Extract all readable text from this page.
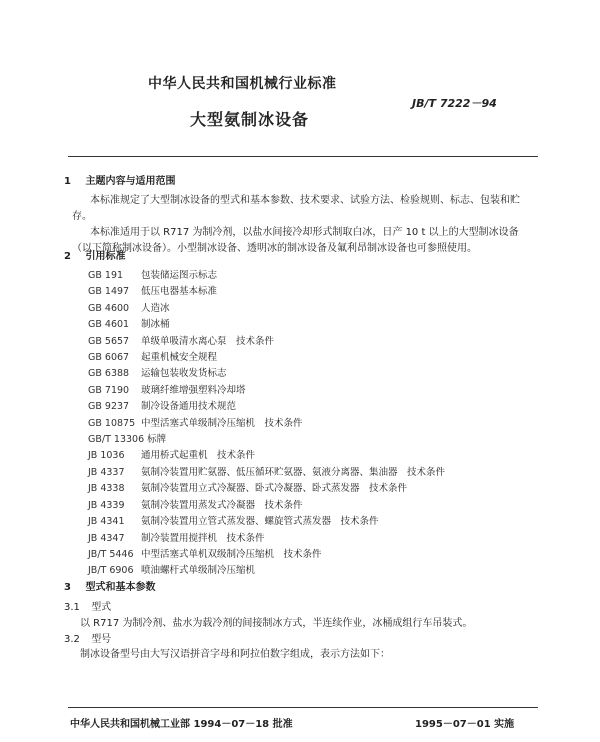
中华人民共和国机械行业标准
JB/T 7222－94
大型氨制冰设备
1 主题内容与适用范围

本标准规定了大型制冰设备的型式和基本参数、技术要求、试验方法、检验规则、标志、包装和贮存。

本标准适用于以 R717 为制冷剂，以盐水间接冷却形式制取白冰，日产 10 t 以上的大型制冰设备（以下简称制冰设备）。小型制冰设备、透明冰的制冰设备及氟利昂制冰设备也可参照使用。

2 引用标准
GB 191 包装储运图示标志
GB 1497 低压电器基本标准
GB 4600 人造冰
GB 4601 制冰桶
GB 5657 单级单吸清水离心泵　技术条件
GB 6067 起重机械安全规程
GB 6388 运输包装收发货标志
GB 7190 玻璃纤维增强塑料冷却塔
GB 9237 制冷设备通用技术规范
GB 10875 中型活塞式单级制冷压缩机　技术条件
GB/T 13306 标牌
JB 1036 通用桥式起重机　技术条件
JB 4337 氨制冷装置用贮氨器、低压循环贮氨器、氨液分离器、集油器　技术条件
JB 4338 氨制冷装置用立式冷凝器、卧式冷凝器、卧式蒸发器　技术条件
JB 4339 氨制冷装置用蒸发式冷凝器　技术条件
JB 4341 氨制冷装置用立管式蒸发器、螺旋管式蒸发器　技术条件
JB 4347 制冷装置用搅拌机　技术条件
JB/T 5446 中型活塞式单机双级制冷压缩机　技术条件
JB/T 6906 喷油螺杆式单级制冷压缩机
3 型式和基本参数
3.1 型式
以 R717 为制冷剂、盐水为载冷剂的间接制冰方式，半连续作业，冰桶成组行车吊装式。
3.2 型号
制冰设备型号由大写汉语拼音字母和阿拉伯数字组成，表示方法如下：
中华人民共和国机械工业部 1994－07－18 批准	1995－07－01 实施
